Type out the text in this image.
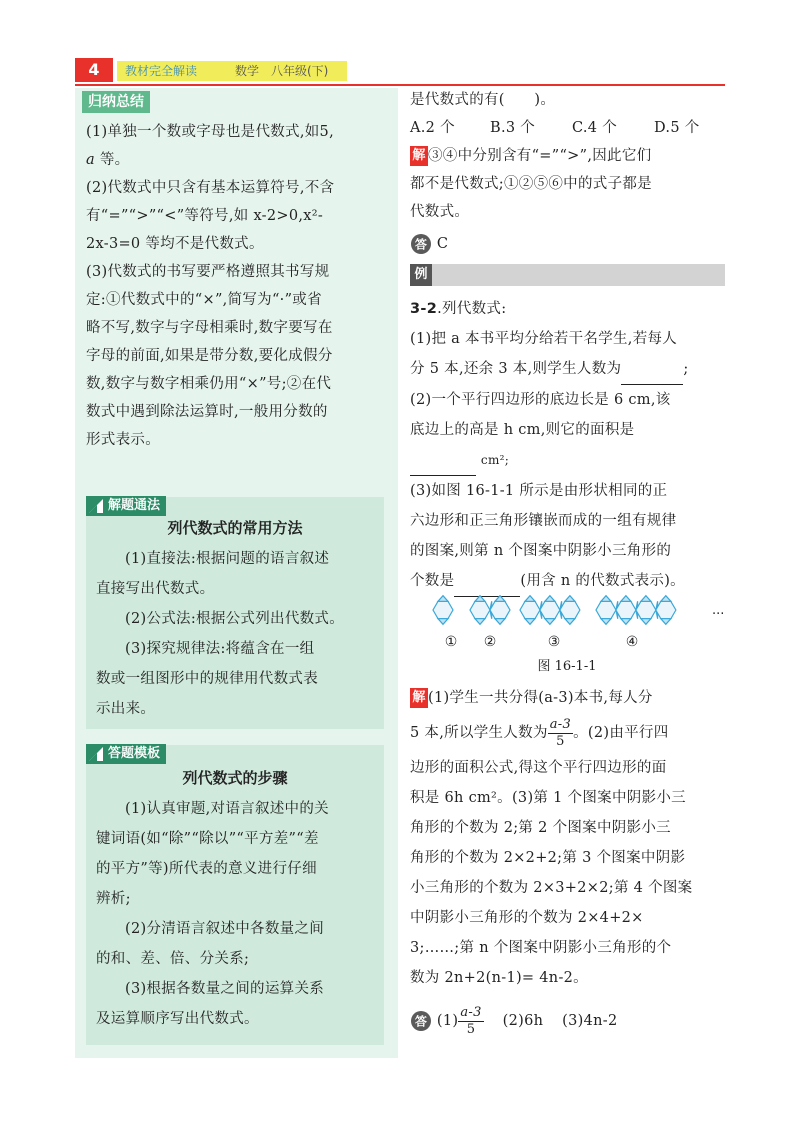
4	教材完全解读	数学　八年级(下)
归纳总结
(1)单独一个数或字母也是代数式,如5,
a 等。
(2)代数式中只含有基本运算符号,不含
有“=”“>”“<”等符号,如 x-2>0,x²-
2x-3=0 等均不是代数式。
(3)代数式的书写要严格遵照其书写规
定:①代数式中的“×”,简写为“·”或省
略不写,数字与字母相乘时,数字要写在
字母的前面,如果是带分数,要化成假分
数,数字与数字相乘仍用“×”号;②在代
数式中遇到除法运算时,一般用分数的
形式表示。
解题通法
列代数式的常用方法
(1)直接法:根据问题的语言叙述
直接写出代数式。
(2)公式法:根据公式列出代数式。
(3)探究规律法:将蕴含在一组
数或一组图形中的规律用代数式表
示出来。
答题模板
列代数式的步骤
(1)认真审题,对语言叙述中的关
键词语(如“除”“除以”“平方差”“差
的平方”等)所代表的意义进行仔细
辨析;
(2)分清语言叙述中各数量之间
的和、差、倍、分关系;
(3)根据各数量之间的运算关系
及运算顺序写出代数式。
是代数式的有(　　)。
A.2 个	B.3 个	C.4 个	D.5 个
解 ③④中分别含有“=”“>”,因此它们
都不是代数式;①②⑤⑥中的式子都是
代数式。
答 C
例
3-2.列代数式:
(1)把 a 本书平均分给若干名学生,若每人
分 5 本,还余 3 本,则学生人数为	;
(2)一个平行四边形的底边长是 6 cm,该
底边上的高是 h cm,则它的面积是
cm²;
(3)如图 16-1-1 所示是由形状相同的正
六边形和正三角形镶嵌而成的一组有规律
的图案,则第 n 个图案中阴影小三角形的
个数是	(用含 n 的代数式表示)。
...
① ②	③	④
图 16-1-1
解 (1)学生一共分得(a-3)本书,每人分
5 本,所以学生人数为 $\frac{a-3}{5}$ 。(2)由平行四
边形的面积公式,得这个平行四边形的面
积是 6h cm²。(3)第 1 个图案中阴影小三
角形的个数为 2;第 2 个图案中阴影小三
角形的个数为 2×2+2;第 3 个图案中阴影
小三角形的个数为 2×3+2×2;第 4 个图案
中阴影小三角形的个数为 2×4+2×
3;……;第 n 个图案中阴影小三角形的个
数为 2n+2(n-1)= 4n-2。
答 $(1) \frac{a-3}{5} (2)6h$ (3)4n-2
